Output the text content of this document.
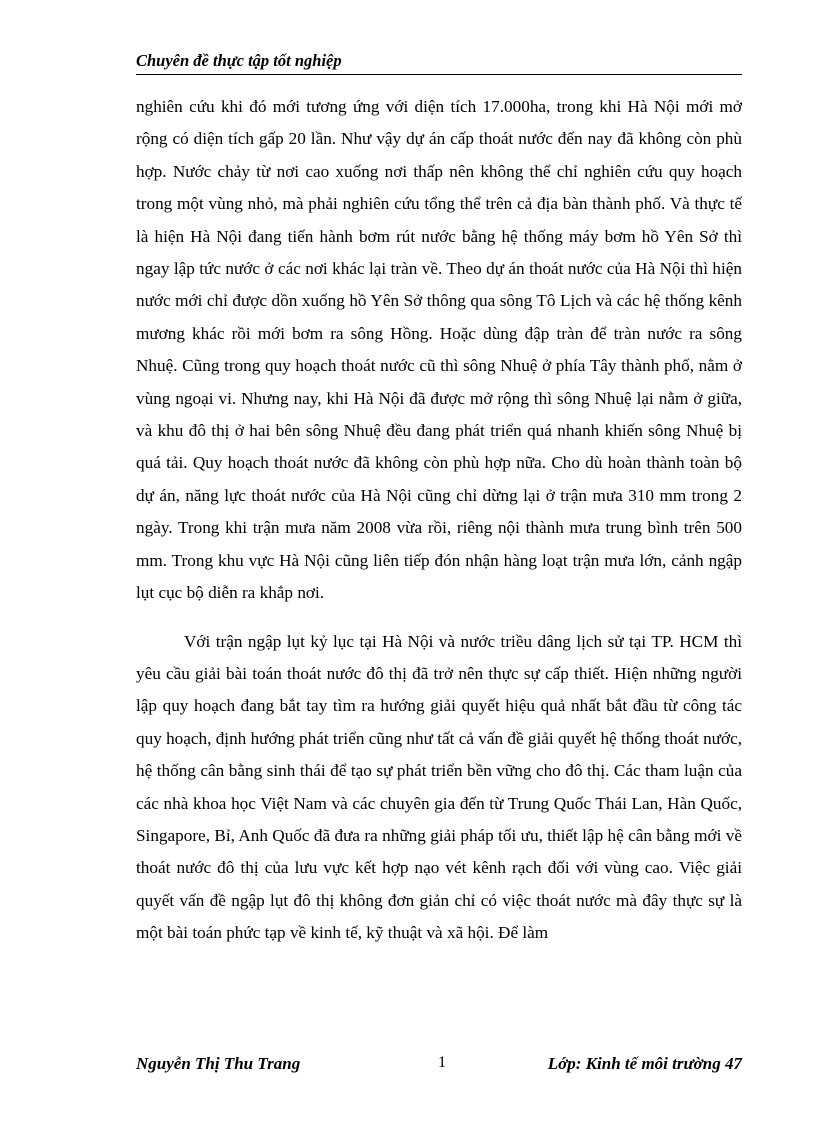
Chuyên đề thực tập tốt nghiệp

nghiên cứu khi đó mới tương ứng với diện tích 17.000ha, trong khi Hà Nội mới mở rộng có diện tích gấp 20 lần. Như vậy dự án cấp thoát nước đến nay đã không còn phù hợp. Nước chảy từ nơi cao xuống nơi thấp nên không thể chỉ nghiên cứu quy hoạch trong một vùng nhỏ, mà phải nghiên cứu tổng thể trên cả địa bàn thành phố. Và thực tế là hiện Hà Nội đang tiến hành bơm rút nước bằng hệ thống máy bơm hồ Yên Sở thì ngay lập tức nước ở các nơi khác lại tràn về. Theo dự án thoát nước của Hà Nội thì hiện nước mới chỉ được dồn xuống hồ Yên Sở thông qua sông Tô Lịch và các hệ thống kênh mương khác rồi mới bơm ra sông Hồng. Hoặc dùng đập tràn để tràn nước ra sông Nhuệ. Cũng trong quy hoạch thoát nước cũ thì sông Nhuệ ở phía Tây thành phố, nằm ở vùng ngoại vi. Nhưng nay, khi Hà Nội đã được mở rộng thì sông Nhuệ lại nằm ở giữa, và khu đô thị ở hai bên sông Nhuệ đều đang phát triển quá nhanh khiến sông Nhuệ bị quá tải. Quy hoạch thoát nước đã không còn phù hợp nữa. Cho dù hoàn thành toàn bộ dự án, năng lực thoát nước của Hà Nội cũng chỉ dừng lại ở trận mưa 310 mm trong 2 ngày. Trong khi trận mưa năm 2008 vừa rồi, riêng nội thành mưa trung bình trên 500 mm. Trong khu vực Hà Nội cũng liên tiếp đón nhận hàng loạt trận mưa lớn, cảnh ngập lụt cục bộ diễn ra khắp nơi.

Với trận ngập lụt kỷ lục tại Hà Nội và nước triều dâng lịch sử tại TP. HCM thì yêu cầu giải bài toán thoát nước đô thị đã trở nên thực sự cấp thiết. Hiện những người lập quy hoạch đang bắt tay tìm ra hướng giải quyết hiệu quả nhất bắt đầu từ công tác quy hoạch, định hướng phát triển cũng như tất cả vấn đề giải quyết hệ thống thoát nước, hệ thống cân bằng sinh thái để tạo sự phát triển bền vững cho đô thị. Các tham luận của các nhà khoa học Việt Nam và các chuyên gia đến từ Trung Quốc Thái Lan, Hàn Quốc, Singapore, Bỉ, Anh Quốc đã đưa ra những giải pháp tối ưu, thiết lập hệ cân bằng mới về thoát nước đô thị của lưu vực kết hợp nạo vét kênh rạch đối với vùng cao. Việc giải quyết vấn đề ngập lụt đô thị không đơn giản chỉ có việc thoát nước mà đây thực sự là một bài toán phức tạp về kinh tế, kỹ thuật và xã hội. Để làm

Nguyễn Thị Thu Trang	1	Lớp: Kinh tế môi trường 47
